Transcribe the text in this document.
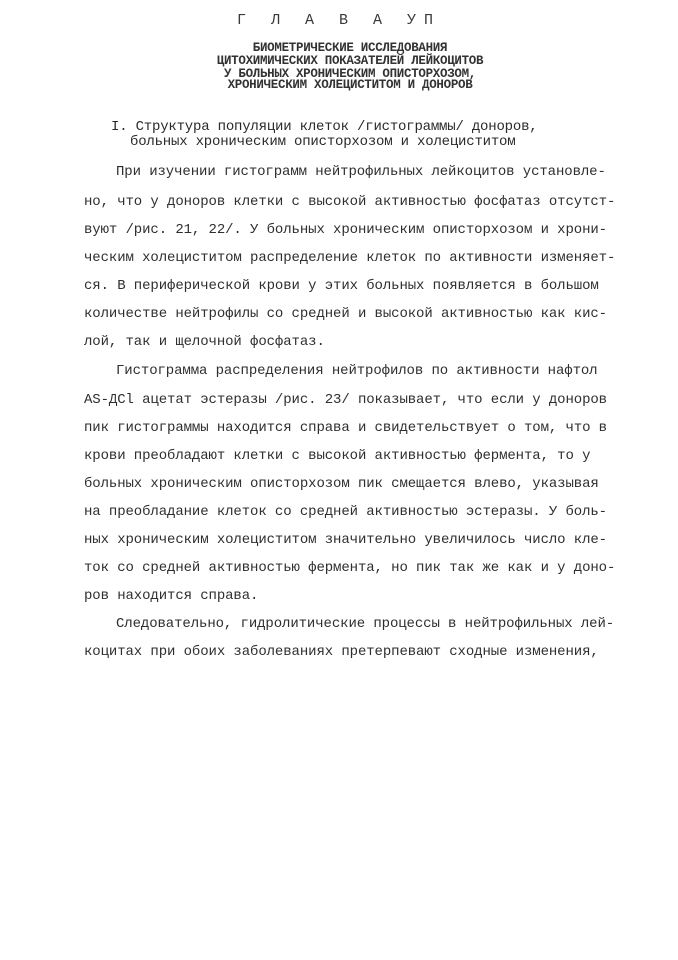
Г Л А В А УП
БИОМЕТРИЧЕСКИЕ ИССЛЕДОВАНИЯ
ЦИТОХИМИЧЕСКИХ ПОКАЗАТЕЛЕЙ ЛЕЙКОЦИТОВ
У БОЛЬНЫХ ХРОНИЧЕСКИМ ОПИСТОРХОЗОМ,
ХРОНИЧЕСКИМ ХОЛЕЦИСТИТОМ И ДОНОРОВ
I. Структура популяции клеток /гистограммы/ доноров,
больных хроническим описторхозом и холециститом
При изучении гистограмм нейтрофильных лейкоцитов установле-
но, что у доноров клетки с высокой активностью фосфатаз отсутст-
вуют /рис. 21, 22/. У больных хроническим описторхозом и хрони-
ческим холециститом распределение клеток по активности изменяет-
ся. В периферической крови у этих больных появляется в большом
количестве нейтрофилы со средней и высокой активностью как кис-
лой, так и щелочной фосфатаз.
Гистограмма распределения нейтрофилов по активности нафтол
AS-ДСl ацетат эстеразы /рис. 23/ показывает, что если у доноров
пик гистограммы находится справа и свидетельствует о том, что в
крови преобладают клетки с высокой активностью фермента, то у
больных хроническим описторхозом пик смещается влево, указывая
на преобладание клеток со средней активностью эстеразы. У боль-
ных хроническим холециститом значительно увеличилось число кле-
ток со средней активностью фермента, но пик так же как и у доно-
ров находится справа.
Следовательно, гидролитические процессы в нейтрофильных лей-
коцитах при обоих заболеваниях претерпевают сходные изменения,
